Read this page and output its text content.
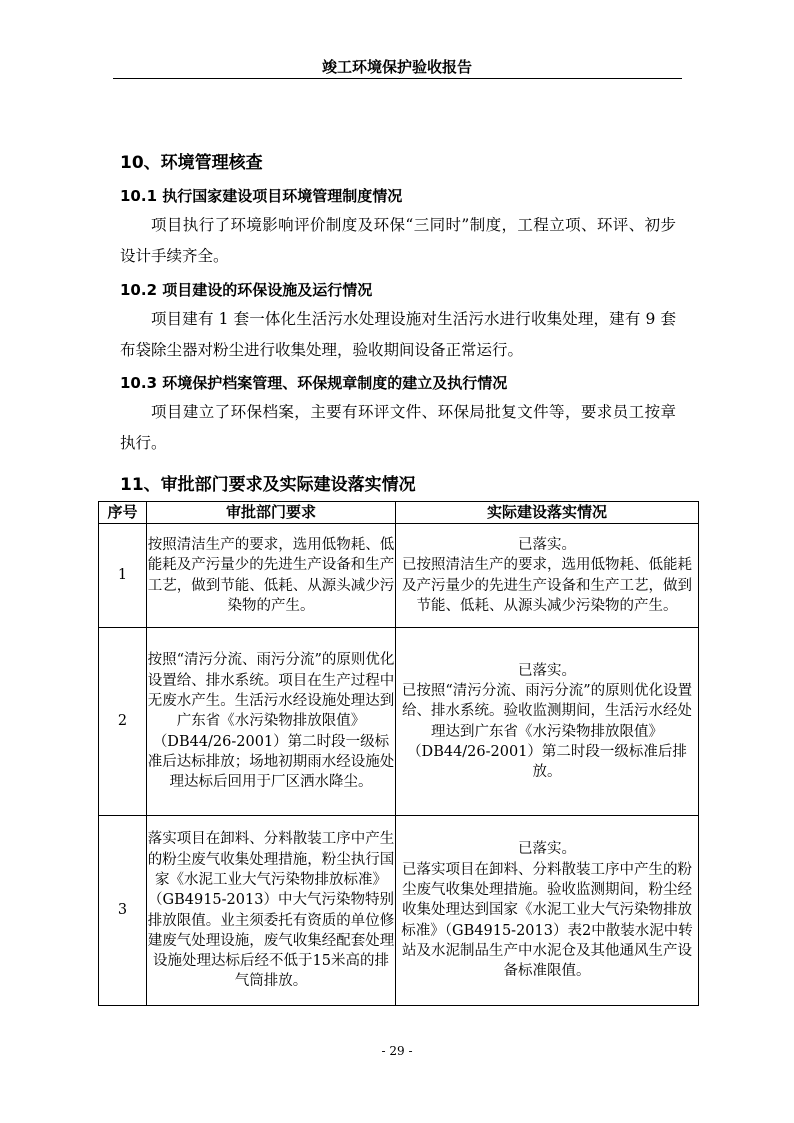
竣工环境保护验收报告
10、环境管理核查
10.1 执行国家建设项目环境管理制度情况
项目执行了环境影响评价制度及环保“三同时”制度，工程立项、环评、初步设计手续齐全。
10.2 项目建设的环保设施及运行情况
项目建有 1 套一体化生活污水处理设施对生活污水进行收集处理，建有 9 套布袋除尘器对粉尘进行收集处理，验收期间设备正常运行。
10.3 环境保护档案管理、环保规章制度的建立及执行情况
项目建立了环保档案，主要有环评文件、环保局批复文件等，要求员工按章执行。
11、审批部门要求及实际建设落实情况
序号	审批部门要求	实际建设落实情况
1	按照清洁生产的要求，选用低物耗、低能耗及产污量少的先进生产设备和生产工艺，做到节能、低耗、从源头减少污染物的产生。	已落实。
已按照清洁生产的要求，选用低物耗、低能耗及产污量少的先进生产设备和生产工艺，做到节能、低耗、从源头减少污染物的产生。

2	按照“清污分流、雨污分流”的原则优化设置给、排水系统。项目在生产过程中无废水产生。生活污水经设施处理达到广东省《水污染物排放限值》（DB44/26-2001）第二时段一级标准后达标排放；场地初期雨水经设施处理达标后回用于厂区洒水降尘。	已落实。
已按照“清污分流、雨污分流”的原则优化设置给、排水系统。验收监测期间，生活污水经处理达到广东省《水污染物排放限值》（DB44/26-2001）第二时段一级标准后排放。

3	落实项目在卸料、分料散装工序中产生的粉尘废气收集处理措施，粉尘执行国家《水泥工业大气污染物排放标准》（GB4915-2013）中大气污染物特别排放限值。业主须委托有资质的单位修建废气处理设施，废气收集经配套处理设施处理达标后经不低于15米高的排气筒排放。	已落实。
已落实项目在卸料、分料散装工序中产生的粉尘废气收集处理措施。验收监测期间，粉尘经收集处理达到国家《水泥工业大气污染物排放标准》（GB4915-2013）表2中散装水泥中转站及水泥制品生产中水泥仓及其他通风生产设备标准限值。
- 29 -
